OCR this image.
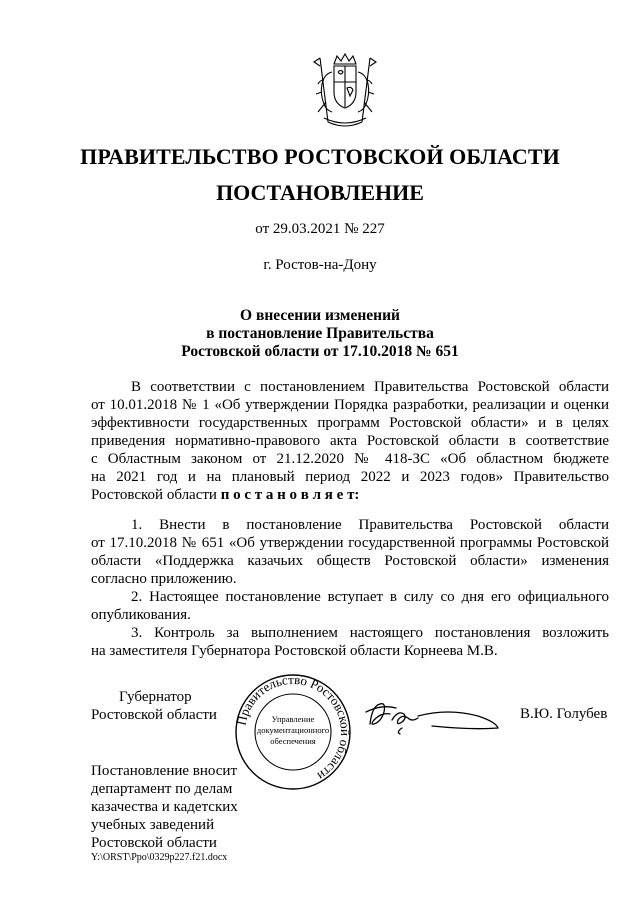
ПРАВИТЕЛЬСТВО РОСТОВСКОЙ ОБЛАСТИ
ПОСТАНОВЛЕНИЕ
от 29.03.2021 № 227
г. Ростов-на-Дону
О внесении изменений
в постановление Правительства
Ростовской области от 17.10.2018 № 651
В соответствии с постановлением Правительства Ростовской области
от 10.01.2018 № 1 «Об утверждении Порядка разработки, реализации и оценки
эффективности государственных программ Ростовской области» и в целях
приведения нормативно-правового акта Ростовской области в соответствие
с Областным законом от 21.12.2020 № 418-ЗС «Об областном бюджете
на 2021 год и на плановый период 2022 и 2023 годов» Правительство
Ростовской области п о с т а н о в л я е т:
1. Внести в постановление Правительства Ростовской области
от 17.10.2018 № 651 «Об утверждении государственной программы Ростовской
области «Поддержка казачьих обществ Ростовской области» изменения
согласно приложению.
2. Настоящее постановление вступает в силу со дня его официального
опубликования.
3. Контроль за выполнением настоящего постановления возложить
на заместителя Губернатора Ростовской области Корнеева М.В.
Губернатор
Ростовской области	Правительство Ростовской области
Управление
документационного
обеспечения
В.Ю. Голубев
Постановление вносит
департамент по делам
казачества и кадетских
учебных заведений
Ростовской области
Y:\ORST\Ppo\0329p227.f21.docx
